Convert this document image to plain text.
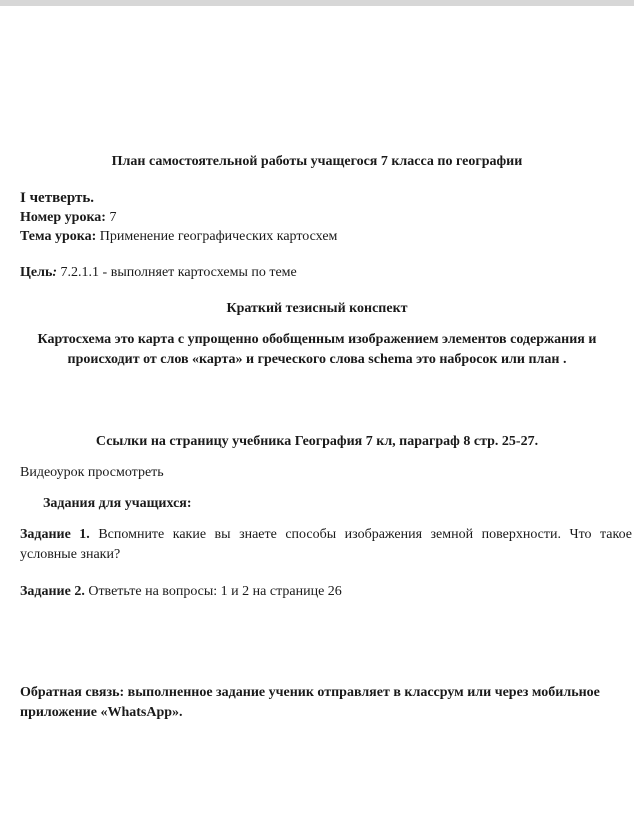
План самостоятельной работы учащегося 7 класса по географии
I четверть.
Номер урока: 7
Тема урока: Применение географических картосхем
Цель: 7.2.1.1 - выполняет картосхемы по теме
Краткий тезисный конспект
Картосхема это карта с упрощенно обобщенным изображением элементов содержания и происходит от слов «карта» и греческого слова schema это набросок или план .
Ссылки на страницу учебника География 7 кл, параграф 8 стр. 25-27.
Видеоурок просмотреть
Задания для учащихся:
Задание 1. Вспомните какие вы знаете способы изображения земной поверхности. Что такое условные знаки?
Задание 2. Ответьте на вопросы: 1 и 2 на странице 26
Обратная связь: выполненное задание ученик отправляет в классрум или через мобильное приложение «WhatsApp».
